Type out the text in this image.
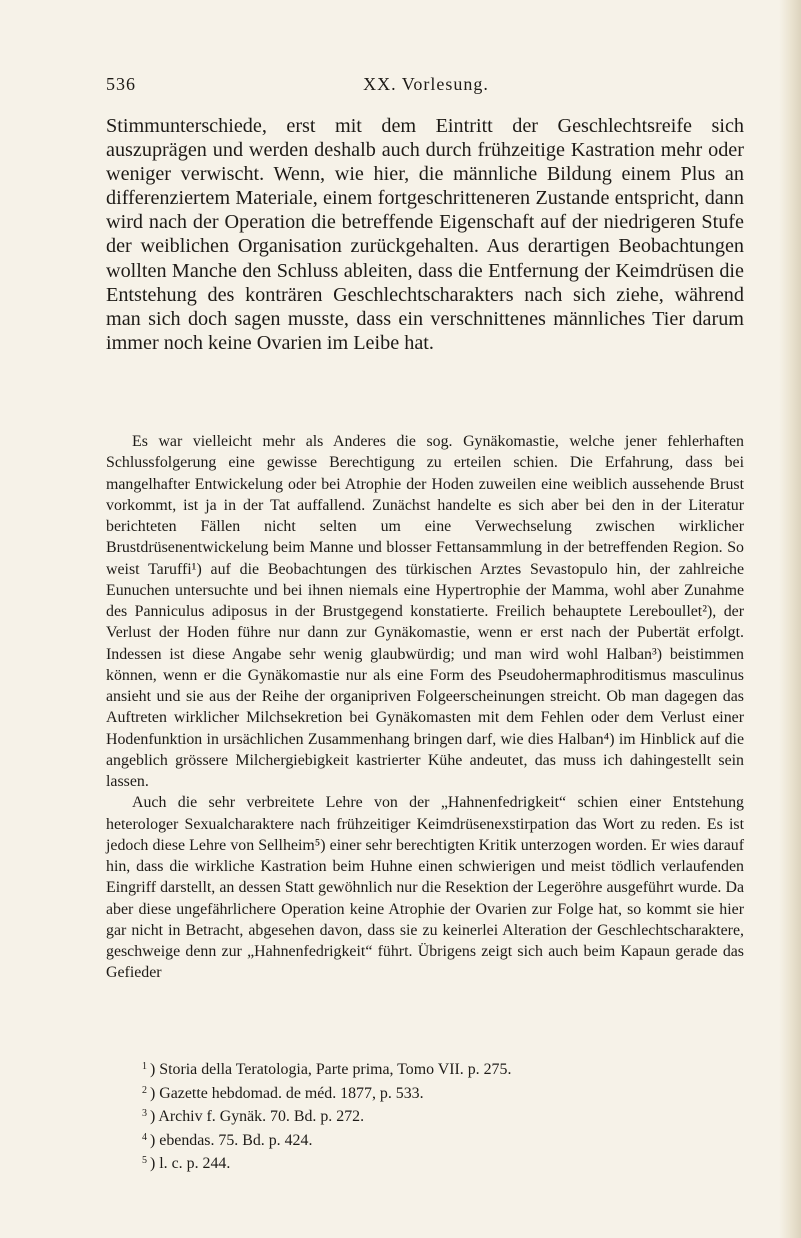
536	XX. Vorlesung.

Stimmunterschiede, erst mit dem Eintritt der Geschlechtsreife sich auszuprägen und werden deshalb auch durch frühzeitige Kastration mehr oder weniger verwischt. Wenn, wie hier, die männliche Bildung einem Plus an differenziertem Materiale, einem fortgeschritteneren Zustande entspricht, dann wird nach der Operation die betreffende Eigenschaft auf der niedrigeren Stufe der weiblichen Organisation zurückgehalten. Aus derartigen Beobachtungen wollten Manche den Schluss ableiten, dass die Entfernung der Keimdrüsen die Entstehung des konträren Geschlechtscharakters nach sich ziehe, während man sich doch sagen musste, dass ein verschnittenes männliches Tier darum immer noch keine Ovarien im Leibe hat.

Es war vielleicht mehr als Anderes die sog. Gynäkomastie, welche jener fehlerhaften Schlussfolgerung eine gewisse Berechtigung zu erteilen schien. Die Erfahrung, dass bei mangelhafter Entwickelung oder bei Atrophie der Hoden zuweilen eine weiblich aussehende Brust vorkommt, ist ja in der Tat auffallend. Zunächst handelte es sich aber bei den in der Literatur berichteten Fällen nicht selten um eine Verwechselung zwischen wirklicher Brustdrüsenentwickelung beim Manne und blosser Fettansammlung in der betreffenden Region. So weist Taruffi¹) auf die Beobachtungen des türkischen Arztes Sevastopulo hin, der zahlreiche Eunuchen untersuchte und bei ihnen niemals eine Hypertrophie der Mamma, wohl aber Zunahme des Panniculus adiposus in der Brustgegend konstatierte. Freilich behauptete Lereboullet²), der Verlust der Hoden führe nur dann zur Gynäkomastie, wenn er erst nach der Pubertät erfolgt. Indessen ist diese Angabe sehr wenig glaubwürdig; und man wird wohl Halban³) beistimmen können, wenn er die Gynäkomastie nur als eine Form des Pseudohermaphroditismus masculinus ansieht und sie aus der Reihe der organipriven Folgeerscheinungen streicht. Ob man dagegen das Auftreten wirklicher Milchsekretion bei Gynäkomasten mit dem Fehlen oder dem Verlust einer Hodenfunktion in ursächlichen Zusammenhang bringen darf, wie dies Halban⁴) im Hinblick auf die angeblich grössere Milchergiebigkeit kastrierter Kühe andeutet, das muss ich dahingestellt sein lassen.

Auch die sehr verbreitete Lehre von der „Hahnenfedrigkeit“ schien einer Entstehung heterologer Sexualcharaktere nach frühzeitiger Keimdrüsenexstirpation das Wort zu reden. Es ist jedoch diese Lehre von Sellheim⁵) einer sehr berechtigten Kritik unterzogen worden. Er wies darauf hin, dass die wirkliche Kastration beim Huhne einen schwierigen und meist tödlich verlaufenden Eingriff darstellt, an dessen Statt gewöhnlich nur die Resektion der Legeröhre ausgeführt wurde. Da aber diese ungefährlichere Operation keine Atrophie der Ovarien zur Folge hat, so kommt sie hier gar nicht in Betracht, abgesehen davon, dass sie zu keinerlei Alteration der Geschlechtscharaktere, geschweige denn zur „Hahnenfedrigkeit“ führt. Übrigens zeigt sich auch beim Kapaun gerade das Gefieder

$^1$ ) Storia della Teratologia, Parte prima, Tomo VII. p. 275.

$^2$ ) Gazette hebdomad. de méd. 1877, p. 533.

$^3$ ) Archiv f. Gynäk. 70. Bd. p. 272.

$^4$ ) ebendas. 75. Bd. p. 424.

$^5$ ) l. c. p. 244.
